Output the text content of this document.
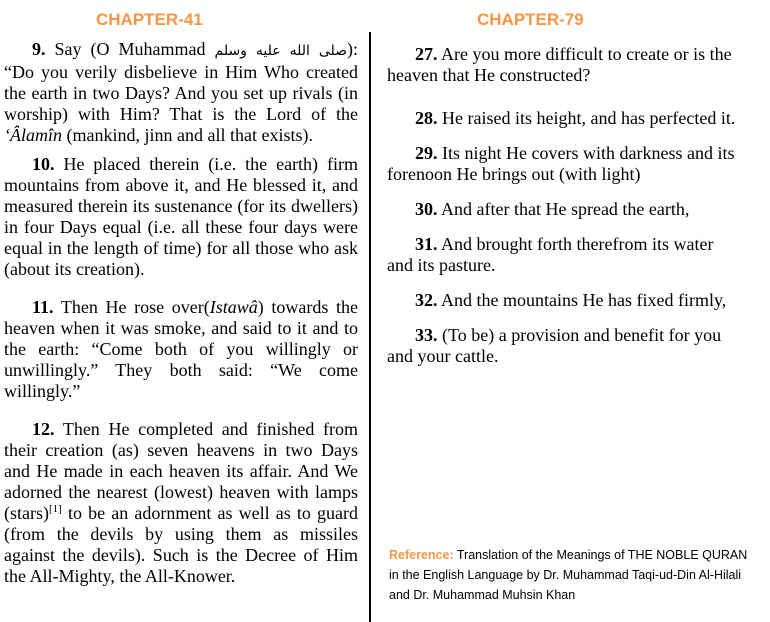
CHAPTER-41	CHAPTER-79

9. Say (O Muhammad صلى الله عليه وسلم): “Do you verily disbelieve in Him Who created the earth in two Days? And you set up rivals (in worship) with Him? That is the Lord of the ‘Âlamîn (mankind, jinn and all that exists).

10. He placed therein (i.e. the earth) firm mountains from above it, and He blessed it, and measured therein its sustenance (for its dwellers) in four Days equal (i.e. all these four days were equal in the length of time) for all those who ask (about its creation).

11. Then He rose over(Istawâ) towards the heaven when it was smoke, and said to it and to the earth: “Come both of you willingly or unwillingly.” They both said: “We come willingly.”

12. Then He completed and finished from their creation (as) seven heavens in two Days and He made in each heaven its affair. And We adorned the nearest (lowest) heaven with lamps (stars)[1] to be an adornment as well as to guard (from the devils by using them as missiles against the devils). Such is the Decree of Him the All-Mighty, the All-Knower.

27. Are you more difficult to create or is the heaven that He constructed?

28. He raised its height, and has perfected it.

29. Its night He covers with darkness and its forenoon He brings out (with light)

30. And after that He spread the earth,

31. And brought forth therefrom its water and its pasture.

32. And the mountains He has fixed firmly,

33. (To be) a provision and benefit for you and your cattle.

Reference: Translation of the Meanings of THE NOBLE QURAN in the English Language by Dr. Muhammad Taqi-ud-Din Al-Hilali and Dr. Muhammad Muhsin Khan
